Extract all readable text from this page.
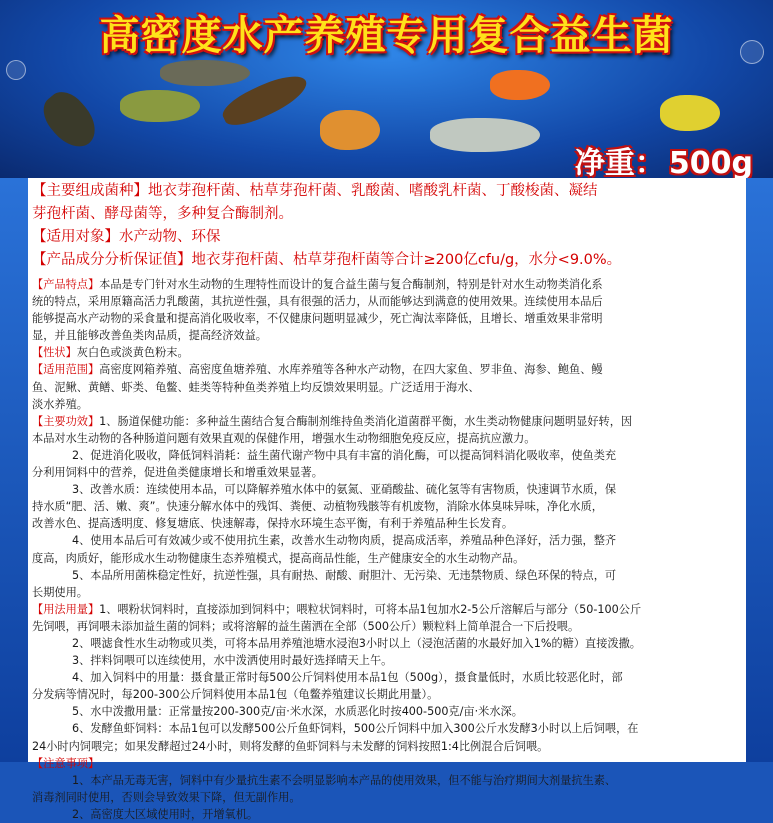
高密度水产养殖专用复合益生菌
净重： 500g

【主要组成菌种】地衣芽孢杆菌、枯草芽孢杆菌、乳酸菌、嗜酸乳杆菌、丁酸梭菌、凝结

芽孢杆菌、酵母菌等，多种复合酶制剂。

【适用对象】水产动物、环保

【产品成分分析保证值】地衣芽孢杆菌、枯草芽孢杆菌等合计≥200亿cfu/g，水分<9.0%。

【产品特点】本品是专门针对水生动物的生理特性而设计的复合益生菌与复合酶制剂，特别是针对水生动物类消化系

统的特点，采用原籍高活力乳酸菌，其抗逆性强，具有很强的活力，从而能够达到满意的使用效果。连续使用本品后

能够提高水产动物的采食量和提高消化吸收率，不仅健康问题明显减少，死亡淘汰率降低，且增长、增重效果非常明

显，并且能够改善鱼类肉品质，提高经济效益。

【性状】灰白色或淡黄色粉末。

【适用范围】高密度网箱养殖、高密度鱼塘养殖、水库养殖等各种水产动物，在四大家鱼、罗非鱼、海参、鲍鱼、鳗

鱼、泥鳅、黄鳝、虾类、龟鳖、蛙类等特种鱼类养殖上均反馈效果明显。广泛适用于海水、

淡水养殖。

【主要功效】1、肠道保健功能：多种益生菌结合复合酶制剂维持鱼类消化道菌群平衡，水生类动物健康问题明显好转，因

本品对水生动物的各种肠道问题有效果直观的保健作用，增强水生动物细胞免疫反应，提高抗应激力。

2、促进消化吸收，降低饲料消耗：益生菌代谢产物中具有丰富的消化酶，可以提高饲料消化吸收率，使鱼类充

分利用饲料中的营养，促进鱼类健康增长和增重效果显著。

3、改善水质：连续使用本品，可以降解养殖水体中的氨氮、亚硝酸盐、硫化氢等有害物质，快速调节水质，保

持水质“肥、活、嫩、爽”。快速分解水体中的残饵、粪便、动植物残骸等有机废物，消除水体臭味异味，净化水质，

改善水色、提高透明度、修复塘底、快速解毒，保持水环境生态平衡，有利于养殖品种生长发育。

4、使用本品后可有效减少或不使用抗生素，改善水生动物肉质，提高成活率，养殖品种色泽好，活力强，整齐

度高，肉质好，能形成水生动物健康生态养殖模式，提高商品性能，生产健康安全的水生动物产品。

5、本品所用菌株稳定性好，抗逆性强，具有耐热、耐酸、耐胆汁、无污染、无违禁物质、绿色环保的特点，可

长期使用。

【用法用量】1、喂粉状饲料时，直接添加到饲料中；喂粒状饲料时，可将本品1包加水2-5公斤溶解后与部分（50-100公斤

先饲喂，再饲喂未添加益生菌的饲料；或将溶解的益生菌洒在全部（500公斤）颗粒料上简单混合一下后投喂。

2、喂滤食性水生动物或贝类，可将本品用养殖池塘水浸泡3小时以上（浸泡活菌的水最好加入1%的糖）直接泼撒。

3、拌料饲喂可以连续使用，水中泼洒使用时最好选择晴天上午。

4、加入饲料中的用量：摄食量正常时每500公斤饲料使用本品1包（500g），摄食量低时，水质比较恶化时，部

分发病等情况时，每200-300公斤饲料使用本品1包（龟鳖养殖建议长期此用量）。

5、水中泼撒用量：正常量按200-300克/亩·米水深，水质恶化时按400-500克/亩·米水深。

6、发酵鱼虾饲料：本品1包可以发酵500公斤鱼虾饲料，500公斤饲料中加入300公斤水发酵3小时以上后饲喂，在

24小时内饲喂完；如果发酵超过24小时，则将发酵的鱼虾饲料与未发酵的饲料按照1:4比例混合后饲喂。

【注意事项】

1、本产品无毒无害，饲料中有少量抗生素不会明显影响本产品的使用效果，但不能与治疗期间大剂量抗生素、

消毒剂同时使用，否则会导致效果下降，但无副作用。

2、高密度大区域使用时，开增氧机。
